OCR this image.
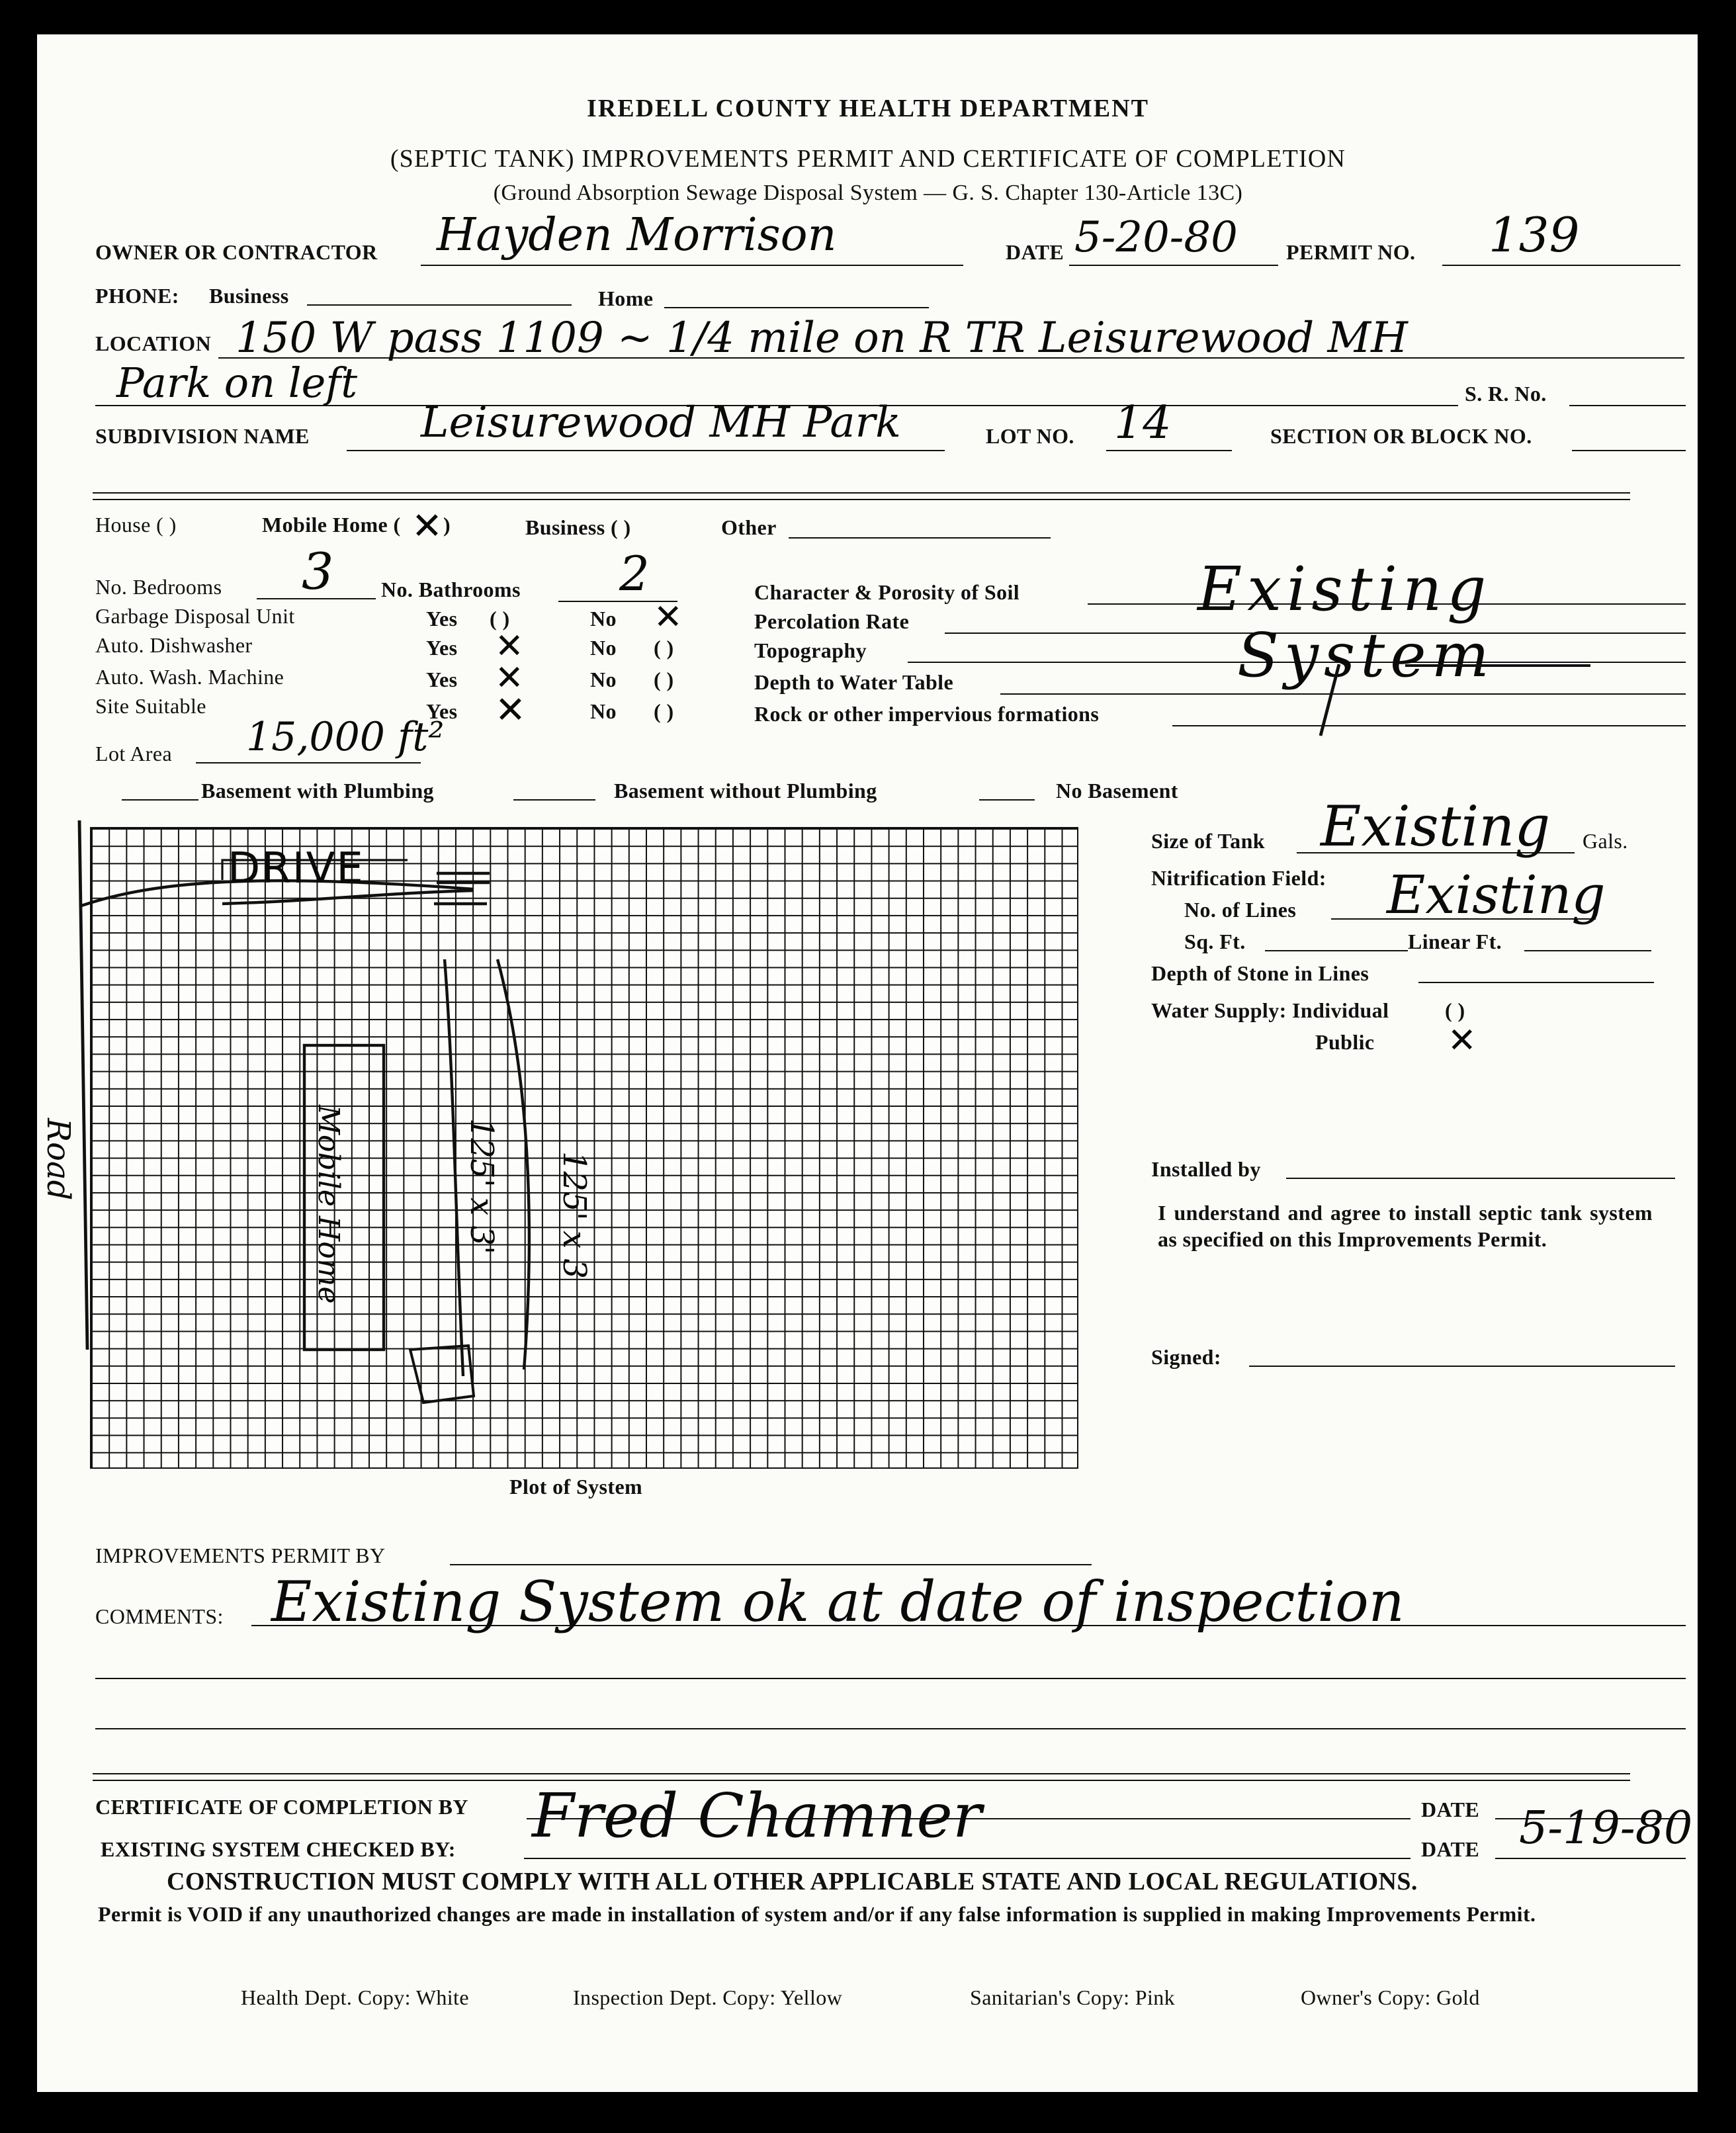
IREDELL COUNTY HEALTH DEPARTMENT
(SEPTIC TANK) IMPROVEMENTS PERMIT AND CERTIFICATE OF COMPLETION
(Ground Absorption Sewage Disposal System — G. S. Chapter 130-Article 13C)
OWNER OR CONTRACTOR	Hayden Morrison	DATE 5-20-80	PERMIT NO.	139
PHONE:	Business	Home
LOCATION 150 W pass 1109 ~ 1/4 mile on R TR Leisurewood MH
Park on left	S. R. No.
SUBDIVISION NAME	Leisurewood MH Park	LOT NO. 14	SECTION OR BLOCK NO.
House ( )	Mobile Home ( ✕ )	Business ( )	Other
No. Bedrooms	3	No. Bathrooms	2
Garbage Disposal Unit	Yes	( )	No ✕
Auto. Dishwasher	Yes ✕	No	( )
Auto. Wash. Machine	Yes ✕	No	( )
Site Suitable	Yes ✕	No	( )
Lot Area	15,000 ft²
Character & Porosity of Soil
Percolation Rate
Topography
Depth to Water Table
Rock or other impervious formations
Existing
System
Basement with Plumbing	Basement without Plumbing	No Basement
DRIVE
Road	Mobile Home	125' x 3'	125' x 3
Plot of System
Size of Tank Existing	Gals.
Nitrification Field:
No. of Lines	Existing
Sq. Ft.	Linear Ft.
Depth of Stone in Lines
Water Supply: Individual	( )
Public	✕
Installed by
I understand and agree to install septic tank system as specified on this Improvements Permit.
Signed:
IMPROVEMENTS PERMIT BY
COMMENTS: Existing System ok at date of inspection
CERTIFICATE OF COMPLETION BY	DATE
EXISTING SYSTEM CHECKED BY:	Fred Chamner	DATE 5-19-80
CONSTRUCTION MUST COMPLY WITH ALL OTHER APPLICABLE STATE AND LOCAL REGULATIONS.
Permit is VOID if any unauthorized changes are made in installation of system and/or if any false information is supplied in making Improvements Permit.
Health Dept. Copy: White	Inspection Dept. Copy: Yellow	Sanitarian's Copy: Pink	Owner's Copy: Gold
